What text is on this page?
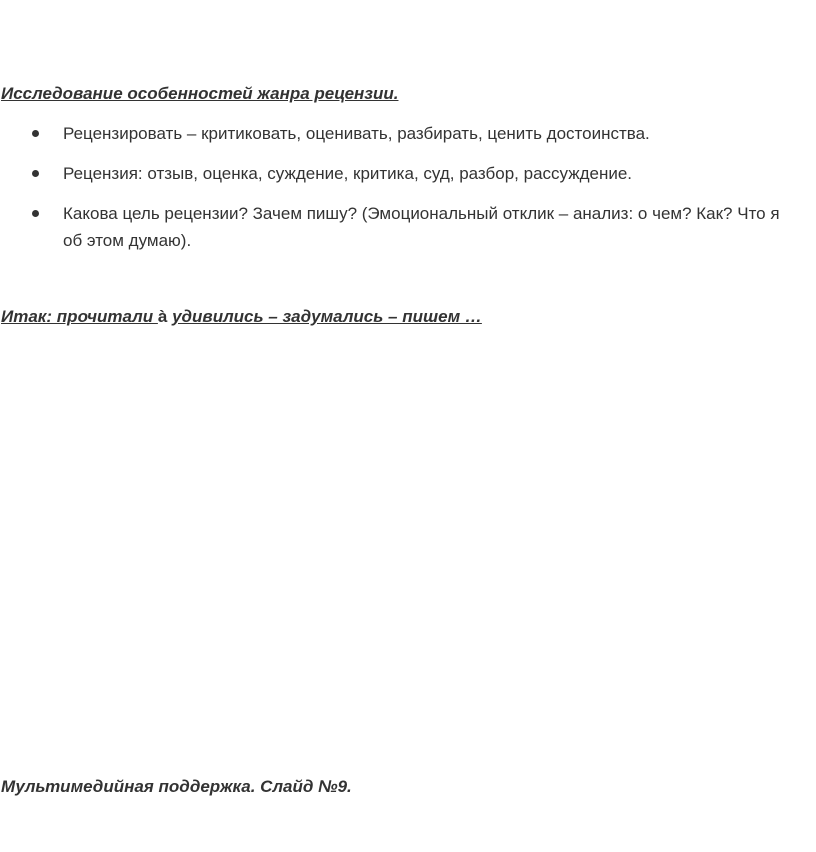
Исследование особенностей жанра рецензии.
Рецензировать – критиковать, оценивать, разбирать, ценить достоинства.
Рецензия: отзыв, оценка, суждение, критика, суд, разбор, рассуждение.
Какова цель рецензии? Зачем пишу? (Эмоциональный отклик – анализ: о чем? Как? Что я об этом думаю).

Итак: прочитали à удивились – задумались – пишем …

Мультимедийная поддержка. Слайд №9.
